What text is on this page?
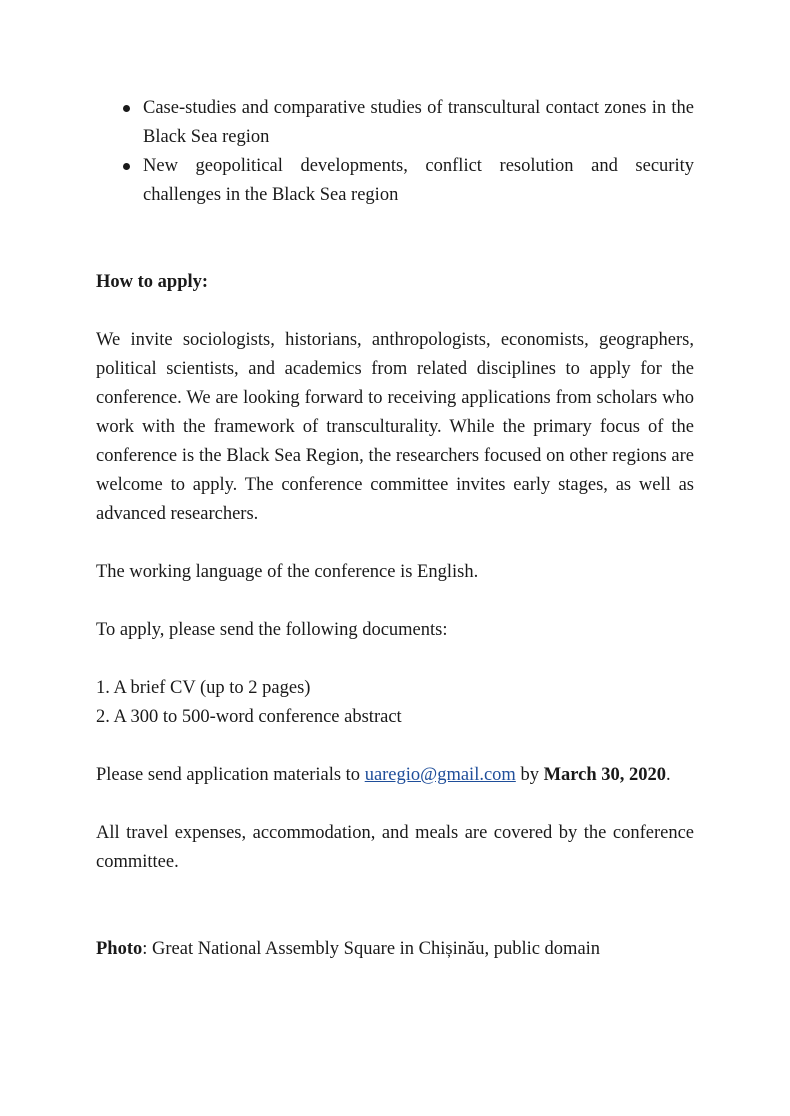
Case-studies and comparative studies of transcultural contact zones in the Black Sea region
New geopolitical developments, conflict resolution and security challenges in the Black Sea region

How to apply:

We invite sociologists, historians, anthropologists, economists, geographers, political scientists, and academics from related disciplines to apply for the conference. We are looking forward to receiving applications from scholars who work with the framework of transculturality. While the primary focus of the conference is the Black Sea Region, the researchers focused on other regions are welcome to apply. The conference committee invites early stages, as well as advanced researchers.

The working language of the conference is English.

To apply, please send the following documents:

1. A brief CV (up to 2 pages)

2. A 300 to 500-word conference abstract

Please send application materials to uaregio@gmail.com by March 30, 2020.

All travel expenses, accommodation, and meals are covered by the conference committee.

Photo: Great National Assembly Square in Chișinău, public domain
